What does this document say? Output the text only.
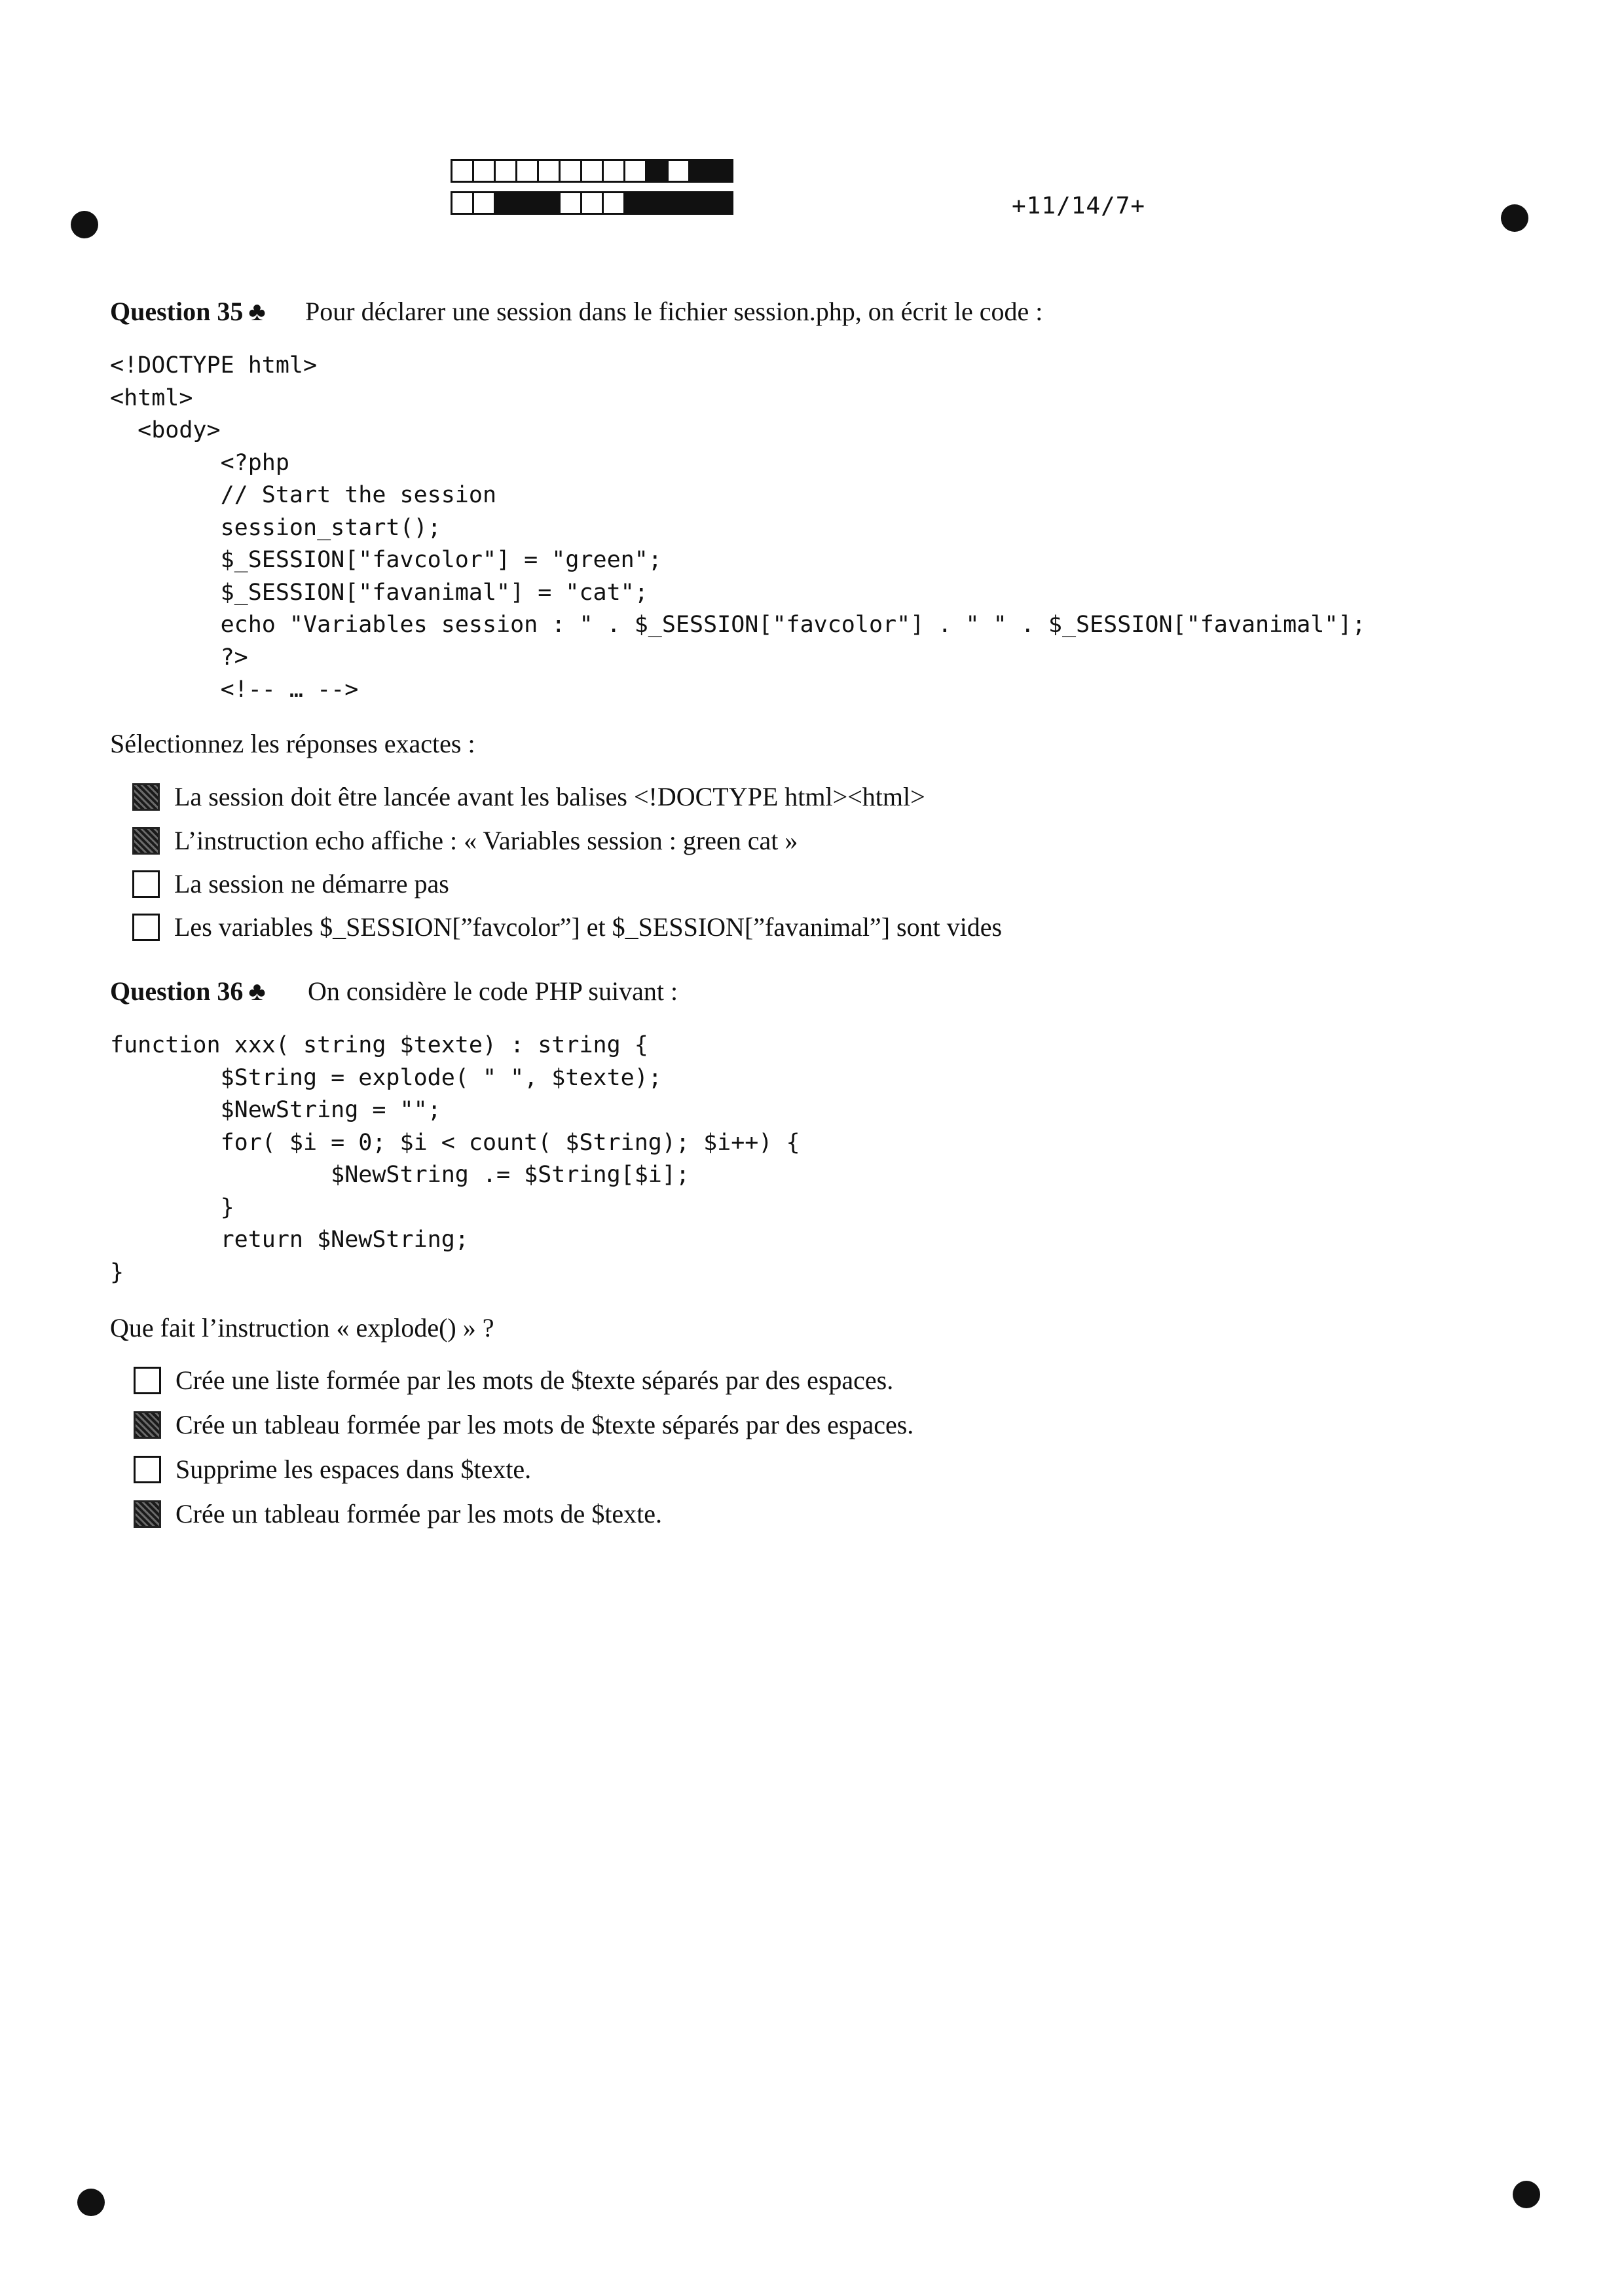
+11/14/7+
Question 35 ♣ Pour déclarer une session dans le fichier session.php, on écrit le code :
<!DOCTYPE html>
<html>
<body>
<?php
// Start the session
session_start();
$_SESSION["favcolor"] = "green";
$_SESSION["favanimal"] = "cat";
echo "Variables session : " . $_SESSION["favcolor"] . " " . $_SESSION["favanimal"];
?>
<!-- … -->
Sélectionnez les réponses exactes :
La session doit être lancée avant les balises <!DOCTYPE html><html>
L’instruction echo affiche : « Variables session : green cat »
La session ne démarre pas
Les variables $_SESSION[”favcolor”] et $_SESSION[”favanimal”] sont vides
Question 36 ♣ On considère le code PHP suivant :
function xxx( string $texte) : string {
$String = explode( " ", $texte);
$NewString = "";
for( $i = 0; $i < count( $String); $i++) {
$NewString .= $String[$i];
}
return $NewString;
}
Que fait l’instruction « explode() » ?
Crée une liste formée par les mots de $texte séparés par des espaces.
Crée un tableau formée par les mots de $texte séparés par des espaces.
Supprime les espaces dans $texte.
Crée un tableau formée par les mots de $texte.
